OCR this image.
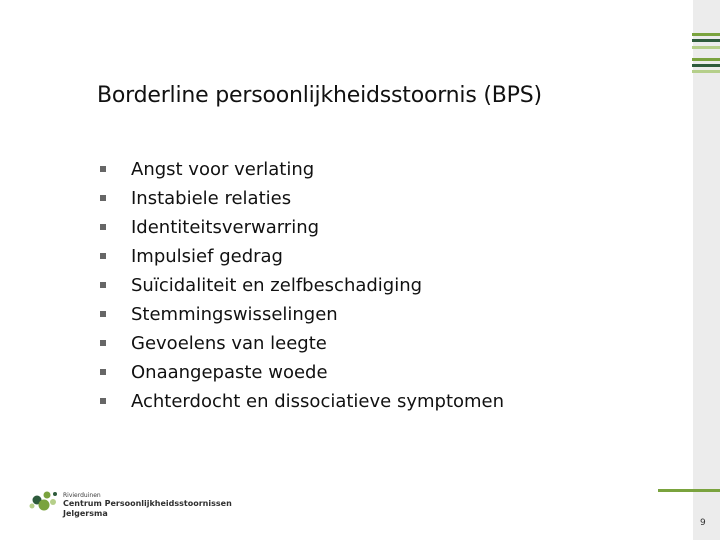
Borderline persoonlijkheidsstoornis (BPS)
Angst voor verlating
Instabiele relaties
Identiteitsverwarring
Impulsief gedrag
Suïcidaliteit en zelfbeschadiging
Stemmingswisselingen
Gevoelens van leegte
Onaangepaste woede
Achterdocht en dissociatieve symptomen
Rivierduinen
Centrum Persoonlijkheidsstoornissen
Jelgersma
9
